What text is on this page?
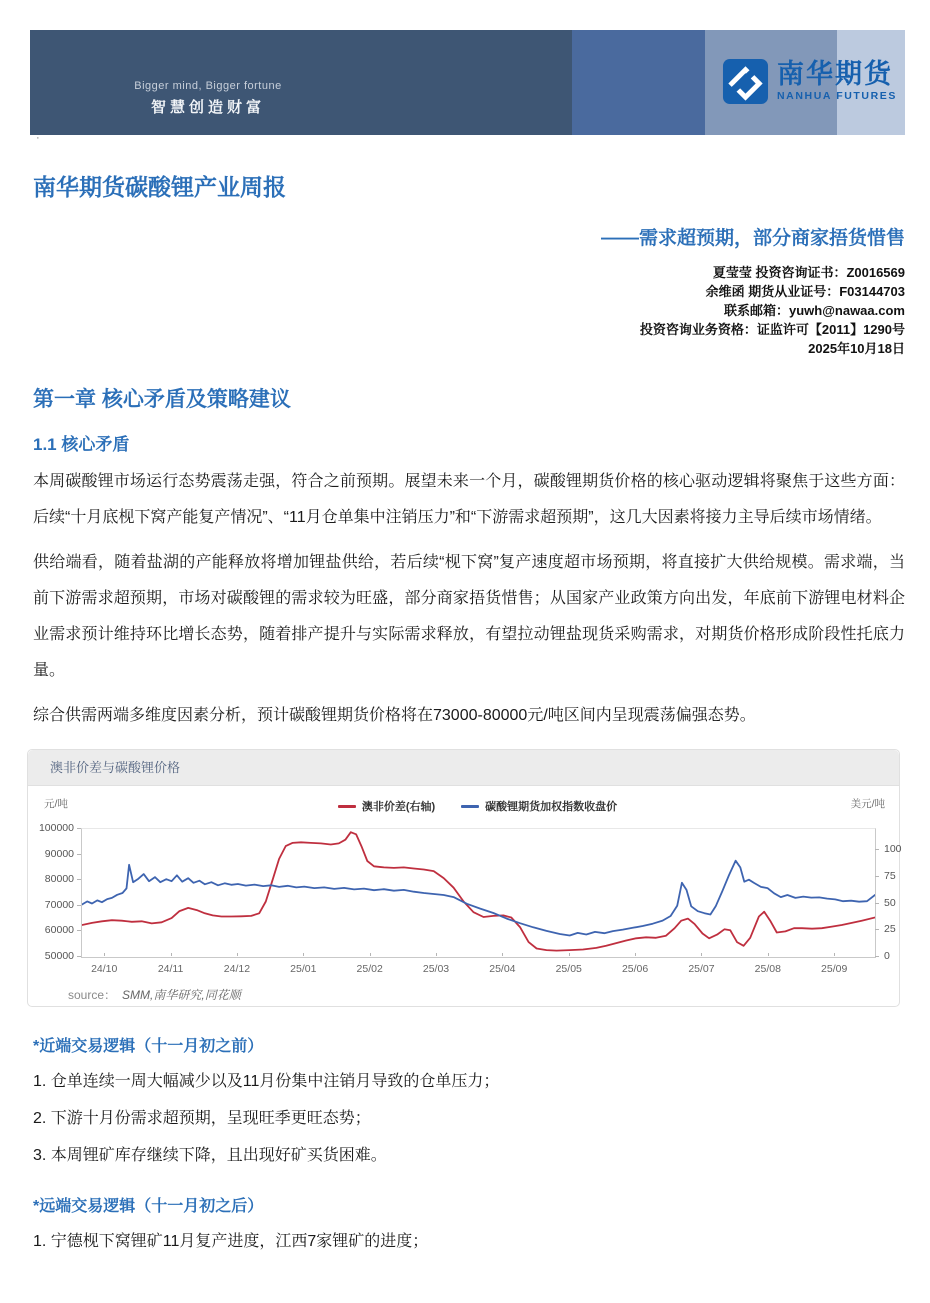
Bigger mind, Bigger fortune
智慧创造财富
南华期货
NANHUA FUTURES
·
南华期货碳酸锂产业周报
——需求超预期，部分商家捂货惜售
夏莹莹 投资咨询证书：Z0016569
余维函 期货从业证号：F03144703
联系邮箱：yuwh@nawaa.com
投资咨询业务资格：证监许可【2011】1290号
2025年10月18日
第一章 核心矛盾及策略建议
1.1 核心矛盾

本周碳酸锂市场运行态势震荡走强，符合之前预期。展望未来一个月，碳酸锂期货价格的核心驱动逻辑将聚焦于这些方面：后续“十月底枧下窝产能复产情况”、“11月仓单集中注销压力”和“下游需求超预期”，这几大因素将接力主导后续市场情绪。

供给端看，随着盐湖的产能释放将增加锂盐供给，若后续“枧下窝”复产速度超市场预期，将直接扩大供给规模。需求端，当前下游需求超预期，市场对碳酸锂的需求较为旺盛，部分商家捂货惜售；从国家产业政策方向出发，年底前下游锂电材料企业需求预计维持环比增长态势，随着排产提升与实际需求释放，有望拉动锂盐现货采购需求，对期货价格形成阶段性托底力量。

综合供需两端多维度因素分析，预计碳酸锂期货价格将在73000-80000元/吨区间内呈现震荡偏强态势。

澳非价差与碳酸锂价格
元/吨	美元/吨
澳非价差(右轴)	碳酸锂期货加权指数收盘价
100000
90000
80000
70000
60000
50000
100
75
50
25
0
24/10	24/11	24/12	25/01	25/02	25/03	25/04	25/05	25/06	25/07	25/08	25/09
source： SMM,南华研究,同花顺
*近端交易逻辑（十一月初之前）

1. 仓单连续一周大幅减少以及11月份集中注销月导致的仓单压力；

2. 下游十月份需求超预期，呈现旺季更旺态势；

3. 本周锂矿库存继续下降，且出现好矿买货困难。

*远端交易逻辑（十一月初之后）

1. 宁德枧下窝锂矿11月复产进度，江西7家锂矿的进度；
